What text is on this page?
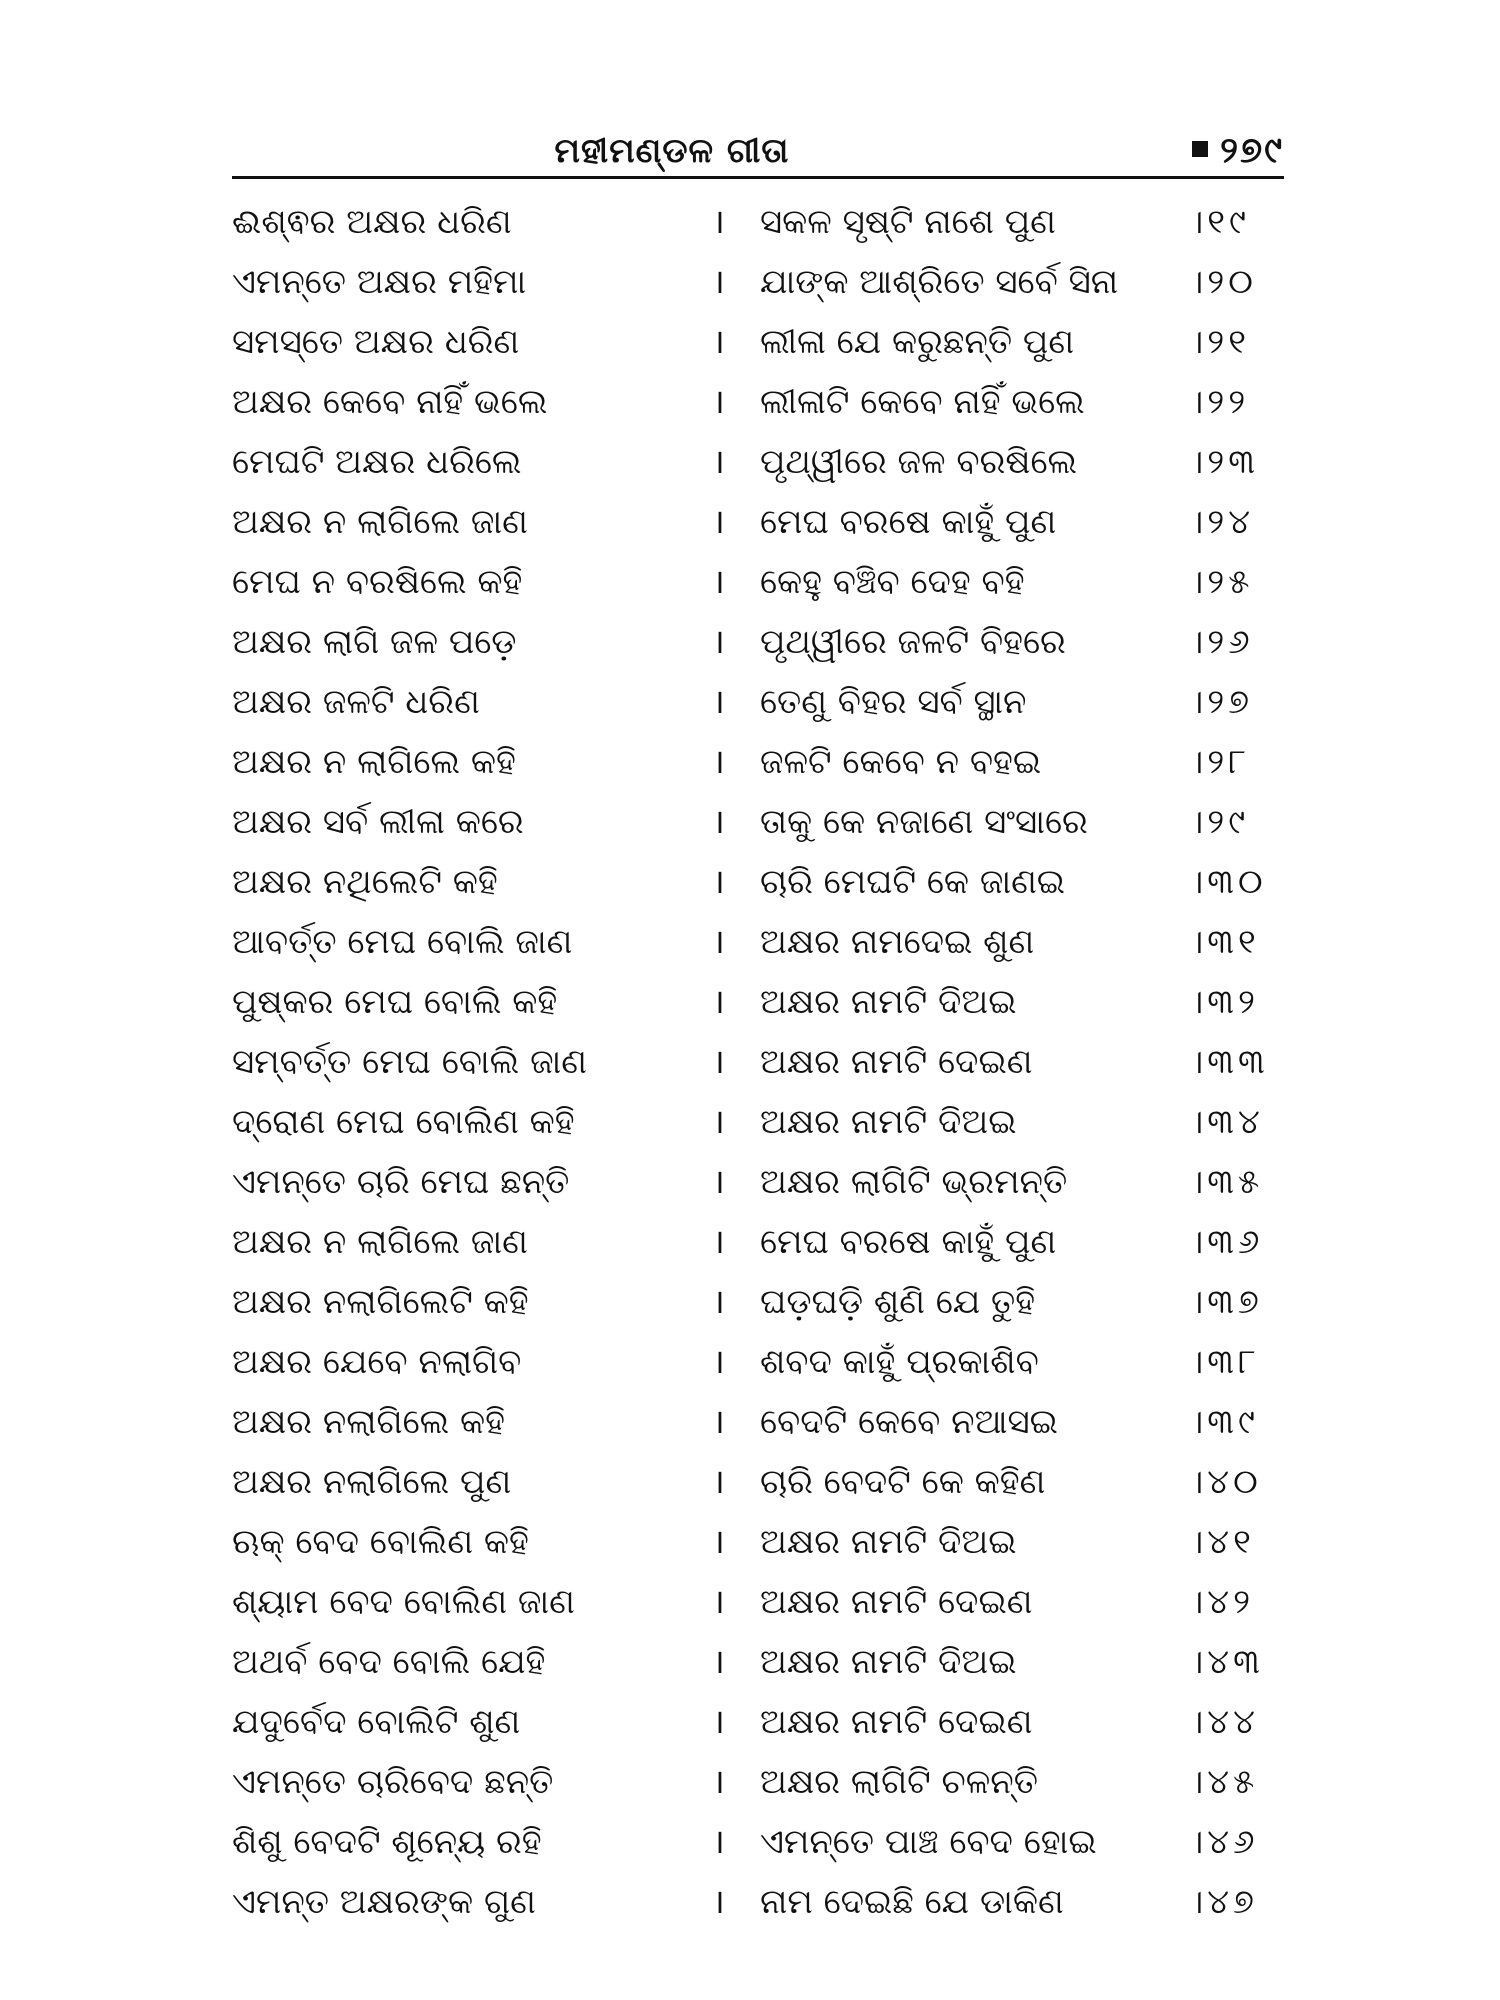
ମହୀମଣ୍ଡଳ ଗୀତା	୨୭୯
ଈଶ୍ଵର ଅକ୍ଷର ଧରିଣ	। ସକଳ ସୃଷ୍ଟି ନାଶେ ପୁଣ	।୧୯
ଏମନ୍ତେ ଅକ୍ଷର ମହିମା	। ଯାଙ୍କ ଆଶ୍ରିତେ ସର୍ବେ ସିନା	।୨୦
ସମସ୍ତେ ଅକ୍ଷର ଧରିଣ	। ଲୀଳା ଯେ କରୁଛନ୍ତି ପୁଣ	।୨୧
ଅକ୍ଷର କେବେ ନାହିଁ ଭଲେ	। ଲୀଳାଟି କେବେ ନାହିଁ ଭଲେ	।୨୨
ମେଘଟି ଅକ୍ଷର ଧରିଲେ	। ପୃଥ୍ୱୀରେ ଜଳ ବରଷିଲେ	।୨୩
ଅକ୍ଷର ନ ଲାଗିଲେ ଜାଣ	। ମେଘ ବରଷେ କାହୁଁ ପୁଣ	।୨୪
ମେଘ ନ ବରଷିଲେ କହି	। କେହୁ ବଞ୍ଚିବ ଦେହ ବହି	।୨୫
ଅକ୍ଷର ଲାଗି ଜଳ ପଡ଼େ	। ପୃଥ୍ୱୀରେ ଜଳଟି ବିହରେ	।୨୬
ଅକ୍ଷର ଜଳଟି ଧରିଣ	। ତେଣୁ ବିହର ସର୍ବ ସ୍ଥାନ	।୨୭
ଅକ୍ଷର ନ ଲାଗିଲେ କହି	। ଜଳଟି କେବେ ନ ବହଇ	।୨୮
ଅକ୍ଷର ସର୍ବ ଲୀଳା କରେ	। ତାକୁ କେ ନଜାଣେ ସଂସାରେ	।୨୯
ଅକ୍ଷର ନଥିଲେଟି କହି	। ଚାରି ମେଘଟି କେ ଜାଣଇ	।୩୦
ଆବର୍ତ୍ତ ମେଘ ବୋଲି ଜାଣ	। ଅକ୍ଷର ନାମଦେଇ ଶୁଣ	।୩୧
ପୁଷ୍କର ମେଘ ବୋଲି କହି	। ଅକ୍ଷର ନାମଟି ଦିଅଇ	।୩୨
ସମ୍ବର୍ତ୍ତ ମେଘ ବୋଲି ଜାଣ	। ଅକ୍ଷର ନାମଟି ଦେଇଣ	।୩୩
ଦ୍ରୋଣ ମେଘ ବୋଲିଣ କହି	। ଅକ୍ଷର ନାମଟି ଦିଅଇ	।୩୪
ଏମନ୍ତେ ଚାରି ମେଘ ଛନ୍ତି	। ଅକ୍ଷର ଲାଗିଟି ଭ୍ରମନ୍ତି	।୩୫
ଅକ୍ଷର ନ ଲାଗିଲେ ଜାଣ	। ମେଘ ବରଷେ କାହୁଁ ପୁଣ	।୩୬
ଅକ୍ଷର ନଲାଗିଲେଟି କହି	। ଘଡ଼ଘଡ଼ି ଶୁଣି ଯେ ତୁହି	।୩୭
ଅକ୍ଷର ଯେବେ ନଲାଗିବ	। ଶବଦ କାହୁଁ ପ୍ରକାଶିବ	।୩୮
ଅକ୍ଷର ନଲାଗିଲେ କହି	। ବେଦଟି କେବେ ନଆସଇ	।୩୯
ଅକ୍ଷର ନଲାଗିଲେ ପୁଣ	। ଚାରି ବେଦଟି କେ କହିଣ	।୪୦
ଋକ୍ ବେଦ ବୋଲିଣ କହି	। ଅକ୍ଷର ନାମଟି ଦିଅଇ	।୪୧
ଶ୍ୟାମ ବେଦ ବୋଲିଣ ଜାଣ	। ଅକ୍ଷର ନାମଟି ଦେଇଣ	।୪୨
ଅଥର୍ବ ବେଦ ବୋଲି ଯେହି	। ଅକ୍ଷର ନାମଟି ଦିଅଇ	।୪୩
ଯଦୁର୍ବେଦ ବୋଲିଟି ଶୁଣ	। ଅକ୍ଷର ନାମଟି ଦେଇଣ	।୪୪
ଏମନ୍ତେ ଚାରିବେଦ ଛନ୍ତି	। ଅକ୍ଷର ଲାଗିଟି ଚଳନ୍ତି	।୪୫
ଶିଶୁ ବେଦଟି ଶୂନ୍ୟେ ରହି	। ଏମନ୍ତେ ପାଞ୍ଚ ବେଦ ହୋଇ	।୪୬
ଏମନ୍ତ ଅକ୍ଷରଙ୍କ ଗୁଣ	। ନାମ ଦେଇଛି ଯେ ଡାକିଣ	।୪୭
